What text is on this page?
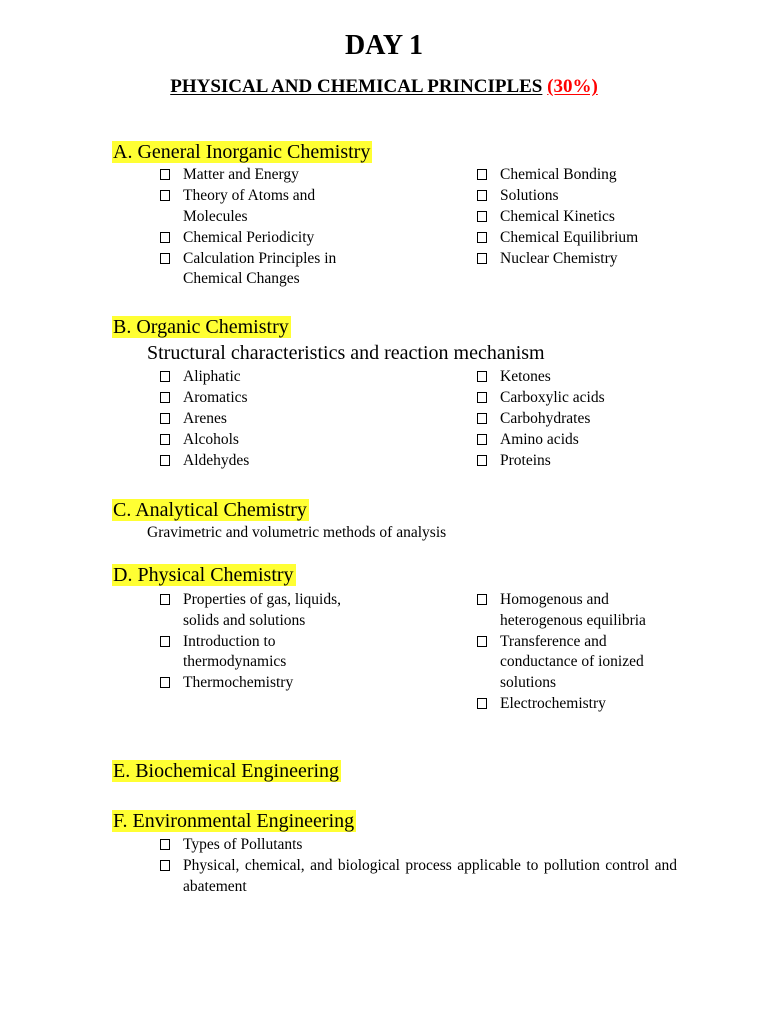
DAY 1
PHYSICAL AND CHEMICAL PRINCIPLES (30%)
A. General Inorganic Chemistry
Matter and Energy
Theory of Atoms and Molecules
Chemical Periodicity
Calculation Principles in Chemical Changes
Chemical Bonding
Solutions
Chemical Kinetics
Chemical Equilibrium
Nuclear Chemistry
B. Organic Chemistry
Structural characteristics and reaction mechanism
Aliphatic
Aromatics
Arenes
Alcohols
Aldehydes
Ketones
Carboxylic acids
Carbohydrates
Amino acids
Proteins
C. Analytical Chemistry
Gravimetric and volumetric methods of analysis
D. Physical Chemistry
Properties of gas, liquids, solids and solutions
Introduction to thermodynamics
Thermochemistry
Homogenous and heterogenous equilibria
Transference and conductance of ionized solutions
Electrochemistry
E. Biochemical Engineering
F. Environmental Engineering
Types of Pollutants
Physical, chemical, and biological process applicable to pollution control and abatement
